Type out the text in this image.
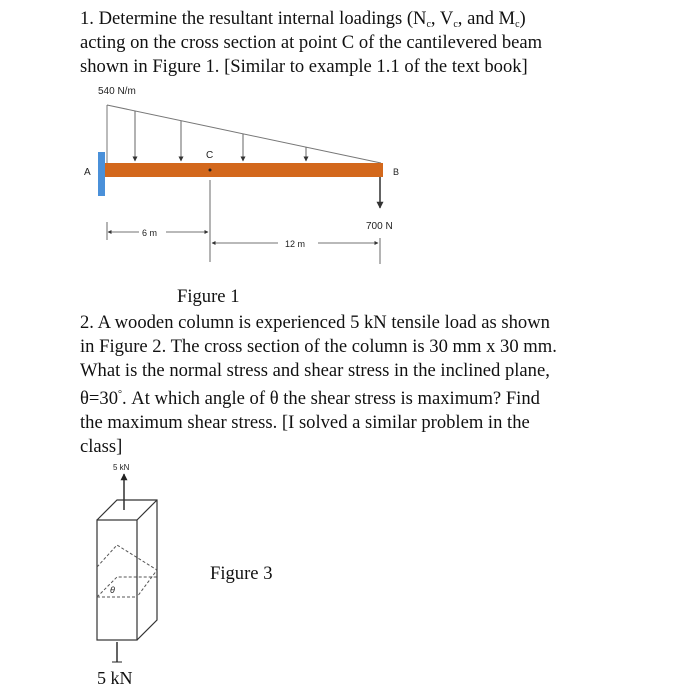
1. Determine the resultant internal loadings ($N_c$, $V_c$, and $M_c$)
acting on the cross section at point C of the cantilevered beam
shown in Figure 1. [Similar to example 1.1 of the text book]

540 N/m
A
C
B
700 N
6 m
12 m
Figure 1

2. A wooden column is experienced 5 kN tensile load as shown
in Figure 2. The cross section of the column is 30 mm x 30 mm.
What is the normal stress and shear stress in the inclined plane,
θ=30°. At which angle of θ the shear stress is maximum? Find
the maximum shear stress. [I solved a similar problem in the
class]

5 kN
θ
5 kN
Figure 3
